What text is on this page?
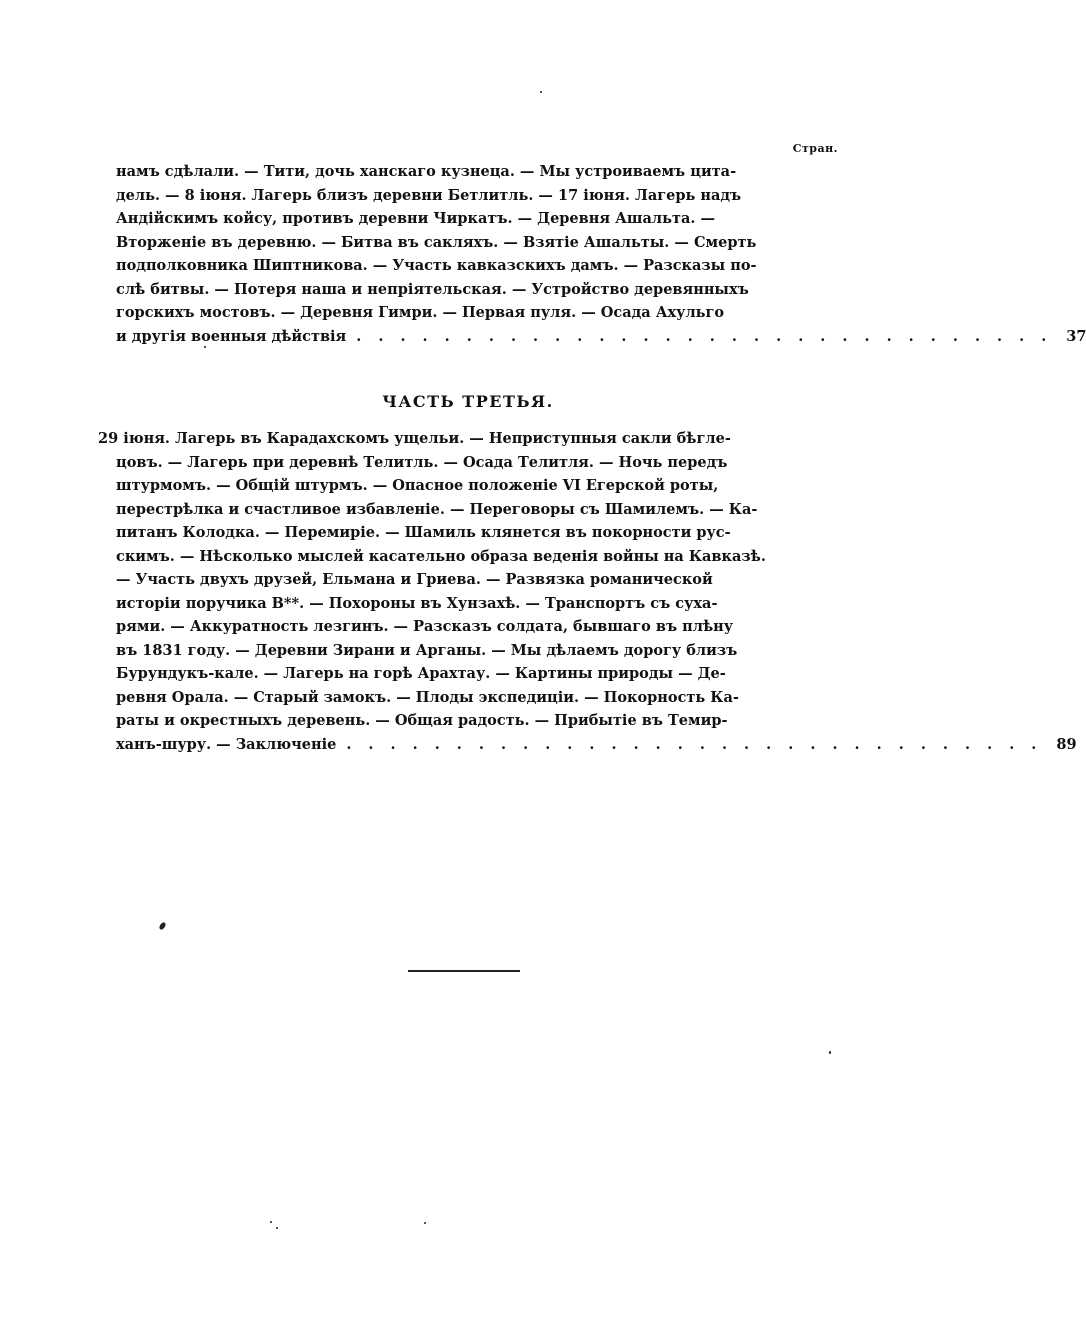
Стран.
намъ сдѣлали. — Тити, дочь ханскаго кузнеца. — Мы устроиваемъ цита-
дель. — 8 іюня. Лагерь близъ деревни Бетлитль. — 17 іюня. Лагерь надъ
Андійскимъ койсу, противъ деревни Чиркатъ. — Деревня Ашальта. —
Вторженіе въ деревню. — Битва въ сакляхъ. — Взятіе Ашальты. — Смерть
подполковника Шиптникова. — Участь кавказскихъ дамъ. — Разсказы по-
слѣ битвы. — Потеря наша и непріятельская. — Устройство деревянныхъ
горскихъ мостовъ. — Деревня Гимри. — Первая пуля. — Осада Ахульго
и другія военныя дѣйствія . . . . . . . . . . . . . . . . . . . . . . . . . . . . . . . . 37
ЧАСТЬ ТРЕТЬЯ.
29 іюня. Лагерь въ Карадахскомъ ущельи. — Неприступныя сакли бѣгле-
цовъ. — Лагерь при деревнѣ Телитль. — Осада Телитля. — Ночь передъ
штурмомъ. — Общій штурмъ. — Опасное положеніе VI Егерской роты,
перестрѣлка и счастливое избавленіе. — Переговоры съ Шамилемъ. — Ка-
питанъ Колодка. — Перемиріе. — Шамиль клянется въ покорности рус-
скимъ. — Нѣсколько мыслей касательно образа веденія войны на Кавказѣ.
— Участь двухъ друзей, Ельмана и Гриева. — Развязка романической
исторіи поручика В**. — Похороны въ Хунзахѣ. — Транспортъ съ суха-
рями. — Аккуратность лезгинъ. — Разсказъ солдата, бывшаго въ плѣну
въ 1831 году. — Деревни Зирани и Арганы. — Мы дѣлаемъ дорогу близъ
Бурундукъ-кале. — Лагерь на горѣ Арахтау. — Картины природы — Де-
ревня Орала. — Старый замокъ. — Плоды экспедиціи. — Покорность Ка-
раты и окрестныхъ деревень. — Общая радость. — Прибытіе въ Темир-
ханъ-шуру. — Заключеніе . . . . . . . . . . . . . . . . . . . . . . . . . . . . . . . . 89
